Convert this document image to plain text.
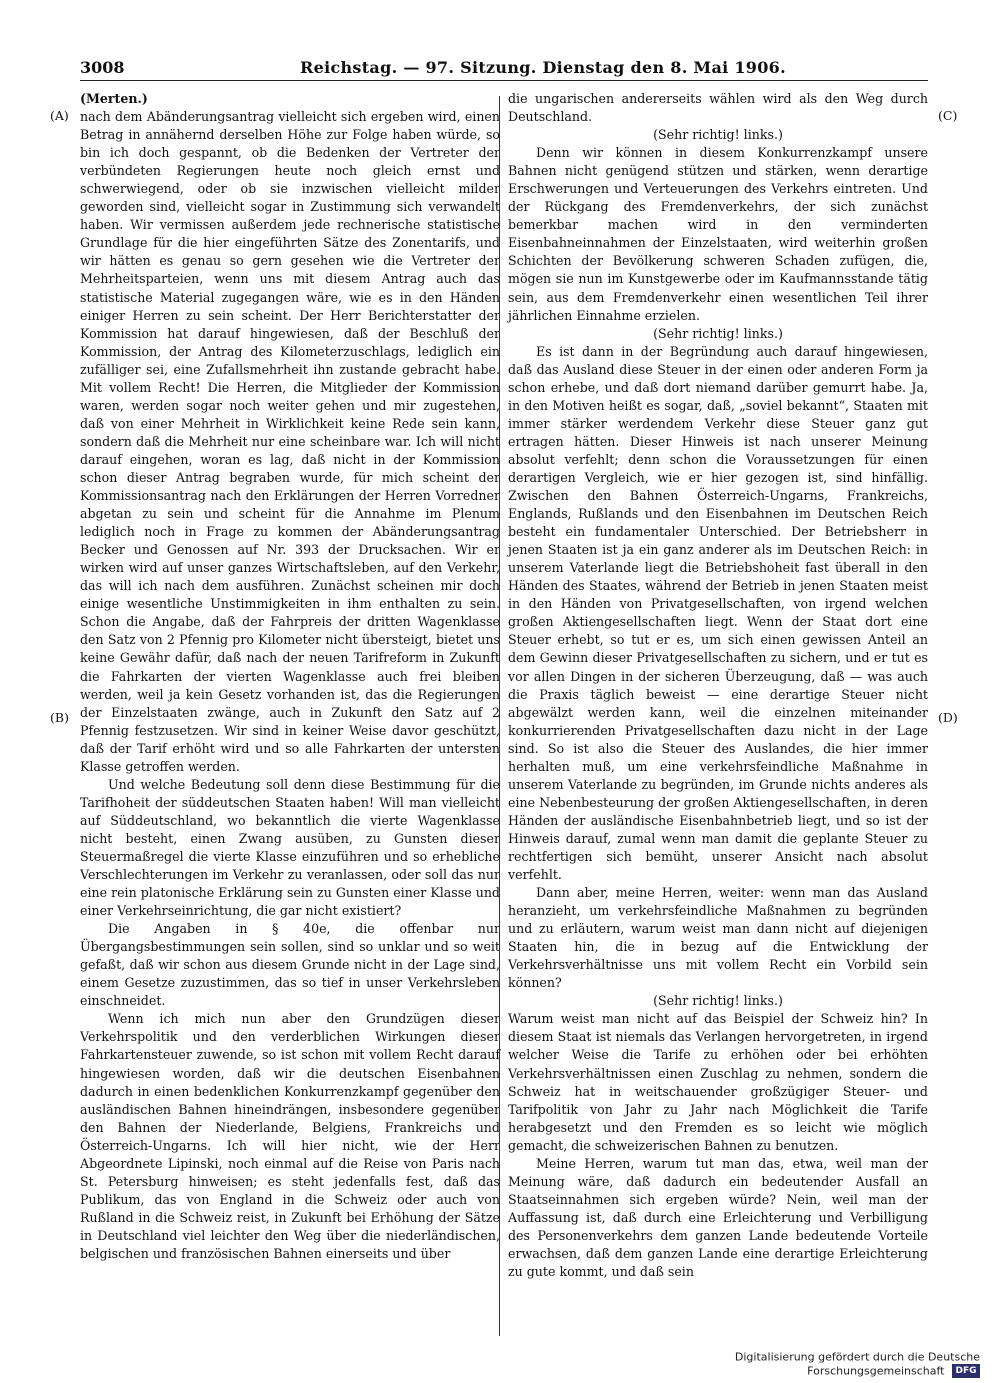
3008	Reichstag. — 97. Sitzung. Dienstag den 8. Mai 1906.
(A)
(B)
(C)
(D)

(Merten.)

nach dem Abänderungsantrag vielleicht sich ergeben wird, einen Betrag in annähernd derselben Höhe zur Folge haben würde, so bin ich doch gespannt, ob die Bedenken der Vertreter der verbündeten Regierungen heute noch gleich ernst und schwerwiegend, oder ob sie inzwischen vielleicht milder geworden sind, vielleicht sogar in Zustimmung sich verwandelt haben. Wir vermissen außerdem jede rechnerische statistische Grundlage für die hier eingeführten Sätze des Zonentarifs, und wir hätten es genau so gern gesehen wie die Vertreter der Mehrheitsparteien, wenn uns mit diesem Antrag auch das statistische Material zugegangen wäre, wie es in den Händen einiger Herren zu sein scheint. Der Herr Berichterstatter der Kommission hat darauf hingewiesen, daß der Beschluß der Kommission, der Antrag des Kilometerzuschlags, lediglich ein zufälliger sei, eine Zufallsmehrheit ihn zustande gebracht habe. Mit vollem Recht! Die Herren, die Mitglieder der Kommission waren, werden sogar noch weiter gehen und mir zugestehen, daß von einer Mehrheit in Wirklichkeit keine Rede sein kann, sondern daß die Mehrheit nur eine scheinbare war. Ich will nicht darauf eingehen, woran es lag, daß nicht in der Kommission schon dieser Antrag begraben wurde, für mich scheint der Kommissionsantrag nach den Erklärungen der Herren Vorredner abgetan zu sein und scheint für die Annahme im Plenum lediglich noch in Frage zu kommen der Abänderungsantrag Becker und Genossen auf Nr. 393 der Drucksachen. Wir er wirken wird auf unser ganzes Wirtschaftsleben, auf den Verkehr, das will ich nach dem ausführen. Zunächst scheinen mir doch einige wesentliche Unstimmigkeiten in ihm enthalten zu sein. Schon die Angabe, daß der Fahrpreis der dritten Wagenklasse den Satz von 2 Pfennig pro Kilometer nicht übersteigt, bietet uns keine Gewähr dafür, daß nach der neuen Tarifreform in Zukunft die Fahrkarten der vierten Wagenklasse auch frei bleiben werden, weil ja kein Gesetz vorhanden ist, das die Regierungen der Einzelstaaten zwänge, auch in Zukunft den Satz auf 2 Pfennig festzusetzen. Wir sind in keiner Weise davor geschützt, daß der Tarif erhöht wird und so alle Fahrkarten der untersten Klasse getroffen werden.

Und welche Bedeutung soll denn diese Bestimmung für die Tarifhoheit der süddeutschen Staaten haben! Will man vielleicht auf Süddeutschland, wo bekanntlich die vierte Wagenklasse nicht besteht, einen Zwang ausüben, zu Gunsten dieser Steuermaßregel die vierte Klasse einzuführen und so erhebliche Verschlechterungen im Verkehr zu veranlassen, oder soll das nur eine rein platonische Erklärung sein zu Gunsten einer Klasse und einer Verkehrseinrichtung, die gar nicht existiert?

Die Angaben in § 40e, die offenbar nur Übergangsbestimmungen sein sollen, sind so unklar und so weit gefaßt, daß wir schon aus diesem Grunde nicht in der Lage sind, einem Gesetze zuzustimmen, das so tief in unser Verkehrsleben einschneidet.

Wenn ich mich nun aber den Grundzügen dieser Verkehrspolitik und den verderblichen Wirkungen dieser Fahrkartensteuer zuwende, so ist schon mit vollem Recht darauf hingewiesen worden, daß wir die deutschen Eisenbahnen dadurch in einen bedenklichen Konkurrenzkampf gegenüber den ausländischen Bahnen hineindrängen, insbesondere gegenüber den Bahnen der Niederlande, Belgiens, Frankreichs und Österreich-Ungarns. Ich will hier nicht, wie der Herr Abgeordnete Lipinski, noch einmal auf die Reise von Paris nach St. Petersburg hinweisen; es steht jedenfalls fest, daß das Publikum, das von England in die Schweiz oder auch von Rußland in die Schweiz reist, in Zukunft bei Erhöhung der Sätze in Deutschland viel leichter den Weg über die niederländischen, belgischen und französischen Bahnen einerseits und über

die ungarischen andererseits wählen wird als den Weg durch Deutschland.

(Sehr richtig! links.)

Denn wir können in diesem Konkurrenzkampf unsere Bahnen nicht genügend stützen und stärken, wenn derartige Erschwerungen und Verteuerungen des Verkehrs eintreten. Und der Rückgang des Fremdenverkehrs, der sich zunächst bemerkbar machen wird in den verminderten Eisenbahneinnahmen der Einzelstaaten, wird weiterhin großen Schichten der Bevölkerung schweren Schaden zufügen, die, mögen sie nun im Kunstgewerbe oder im Kaufmannsstande tätig sein, aus dem Fremdenverkehr einen wesentlichen Teil ihrer jährlichen Einnahme erzielen.

(Sehr richtig! links.)

Es ist dann in der Begründung auch darauf hingewiesen, daß das Ausland diese Steuer in der einen oder anderen Form ja schon erhebe, und daß dort niemand darüber gemurrt habe. Ja, in den Motiven heißt es sogar, daß, „soviel bekannt“, Staaten mit immer stärker werdendem Verkehr diese Steuer ganz gut ertragen hätten. Dieser Hinweis ist nach unserer Meinung absolut verfehlt; denn schon die Voraussetzungen für einen derartigen Vergleich, wie er hier gezogen ist, sind hinfällig. Zwischen den Bahnen Österreich-Ungarns, Frankreichs, Englands, Rußlands und den Eisenbahnen im Deutschen Reich besteht ein fundamentaler Unterschied. Der Betriebsherr in jenen Staaten ist ja ein ganz anderer als im Deutschen Reich: in unserem Vaterlande liegt die Betriebshoheit fast überall in den Händen des Staates, während der Betrieb in jenen Staaten meist in den Händen von Privatgesellschaften, von irgend welchen großen Aktiengesellschaften liegt. Wenn der Staat dort eine Steuer erhebt, so tut er es, um sich einen gewissen Anteil an dem Gewinn dieser Privatgesellschaften zu sichern, und er tut es vor allen Dingen in der sicheren Überzeugung, daß — was auch die Praxis täglich beweist — eine derartige Steuer nicht abgewälzt werden kann, weil die einzelnen miteinander konkurrierenden Privatgesellschaften dazu nicht in der Lage sind. So ist also die Steuer des Auslandes, die hier immer herhalten muß, um eine verkehrsfeindliche Maßnahme in unserem Vaterlande zu begründen, im Grunde nichts anderes als eine Nebenbesteurung der großen Aktiengesellschaften, in deren Händen der ausländische Eisenbahnbetrieb liegt, und so ist der Hinweis darauf, zumal wenn man damit die geplante Steuer zu rechtfertigen sich bemüht, unserer Ansicht nach absolut verfehlt.

Dann aber, meine Herren, weiter: wenn man das Ausland heranzieht, um verkehrsfeindliche Maßnahmen zu begründen und zu erläutern, warum weist man dann nicht auf diejenigen Staaten hin, die in bezug auf die Entwicklung der Verkehrsverhältnisse uns mit vollem Recht ein Vorbild sein können?

(Sehr richtig! links.)

Warum weist man nicht auf das Beispiel der Schweiz hin? In diesem Staat ist niemals das Verlangen hervorgetreten, in irgend welcher Weise die Tarife zu erhöhen oder bei erhöhten Verkehrsverhältnissen einen Zuschlag zu nehmen, sondern die Schweiz hat in weitschauender großzügiger Steuer- und Tarifpolitik von Jahr zu Jahr nach Möglichkeit die Tarife herabgesetzt und den Fremden es so leicht wie möglich gemacht, die schweizerischen Bahnen zu benutzen.

Meine Herren, warum tut man das, etwa, weil man der Meinung wäre, daß dadurch ein bedeutender Ausfall an Staatseinnahmen sich ergeben würde? Nein, weil man der Auffassung ist, daß durch eine Erleichterung und Verbilligung des Personenverkehrs dem ganzen Lande bedeutende Vorteile erwachsen, daß dem ganzen Lande eine derartige Erleichterung zu gute kommt, und daß sein

Digitalisierung gefördert durch die Deutsche Forschungsgemeinschaft DFG
